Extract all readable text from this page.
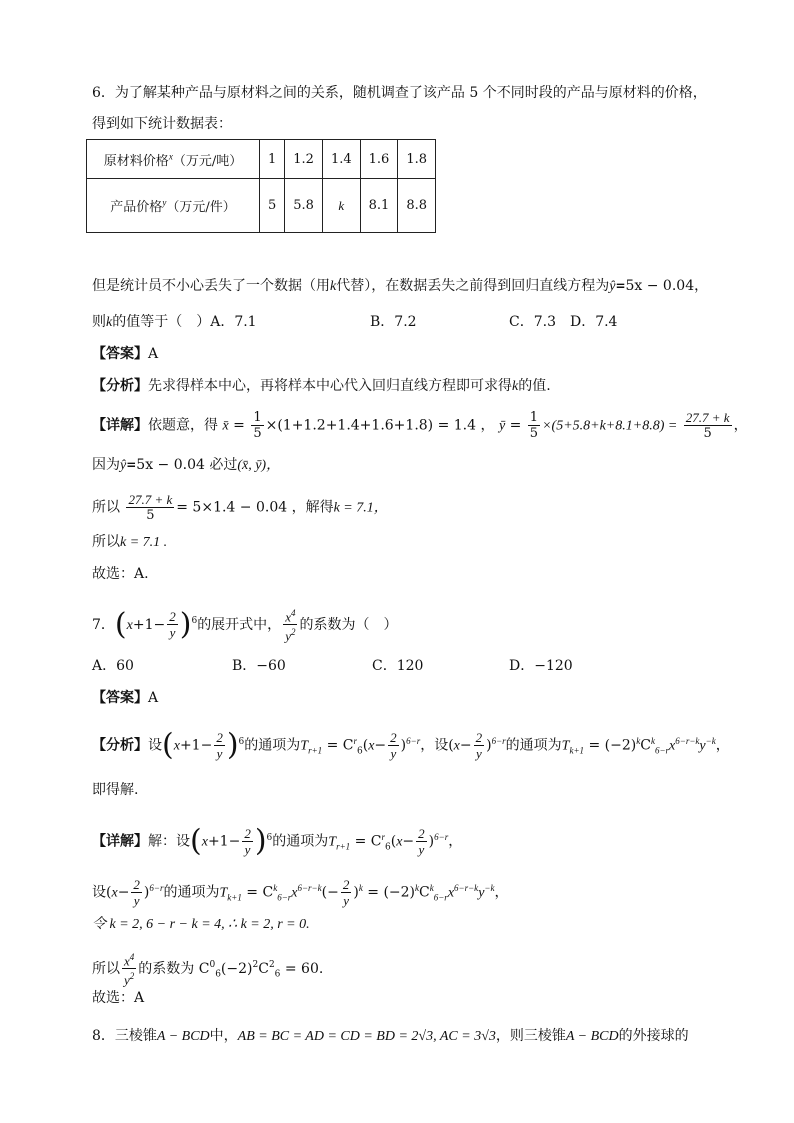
6．为了解某种产品与原材料之间的关系，随机调查了该产品 5 个不同时段的产品与原材料的价格，
得到如下统计数据表：
原材料价格$^x$（万元/吨）	1	1.2	1.4	1.6	1.8
产品价格$^y$（万元/件）	5	5.8	k	8.1	8.8
但是统计员不小心丢失了一个数据（用k代替），在数据丢失之前得到回归直线方程为ŷ=5x − 0.04，
则k的值等于（　）A．7.1	B．7.2	C．7.3　D．7.4
【答案】A
【分析】先求得样本中心，再将样本中心代入回归直线方程即可求得k的值.
【详解】依题意，得 x̄ = $\frac{1}{5} \times(1+1.2+1.4+1.6+1.8) = 1.4$ ， ȳ = $\frac{1}{5} \times(5+5.8+k+8.1+8.8) = \frac{27.7 + k}{5}$ ，
因为ŷ=5x − 0.04 必过(x̄, ȳ)，
所以 $\frac{27.7 + k}{5} = 5\times 1.4 - 0.04$ ，解得k = 7.1，
所以k = 7.1 .
故选：A.
7．$(x+1- \frac{2}{y} )^6$的展开式中， $\frac{x^4}{y^2}$ 的系数为（　）
A．60	B．−60	C．120	D．−120
【答案】A
【分析】设$(x+1- \frac{2}{y} )^6$的通项为$T_{r+1} = C^r_6(x- \frac{2}{y} )^{6-r}$，设$(x- \frac{2}{y} )^{6-r}$的通项为$T_{k+1} = (-2)^kC^k_{6-r}x^{6-r-k}y^{-k}$，
即得解.
【详解】解：设$(x+1- \frac{2}{y} )^6$的通项为$T_{r+1} = C^r_6(x- \frac{2}{y} )^{6-r}$，
设$(x- \frac{2}{y} )^{6-r}$的通项为$T_{k+1} = C^k_{6-r}x^{6-r-k}(- \frac{2}{y} )^k = (-2)^kC^k_{6-r}x^{6-r-k}y^{-k}$，
令 k = 2, 6 − r − k = 4, ∴ k = 2, r = 0.
所以 $\frac{x^4}{y^2}$ 的系数为 $C^0_6(-2)^2C^2_6 = 60$.
故选：A
8．三棱锥A − BCD中，AB = BC = AD = CD = BD = 2√3, AC = 3√3，则三棱锥A − BCD的外接球的
